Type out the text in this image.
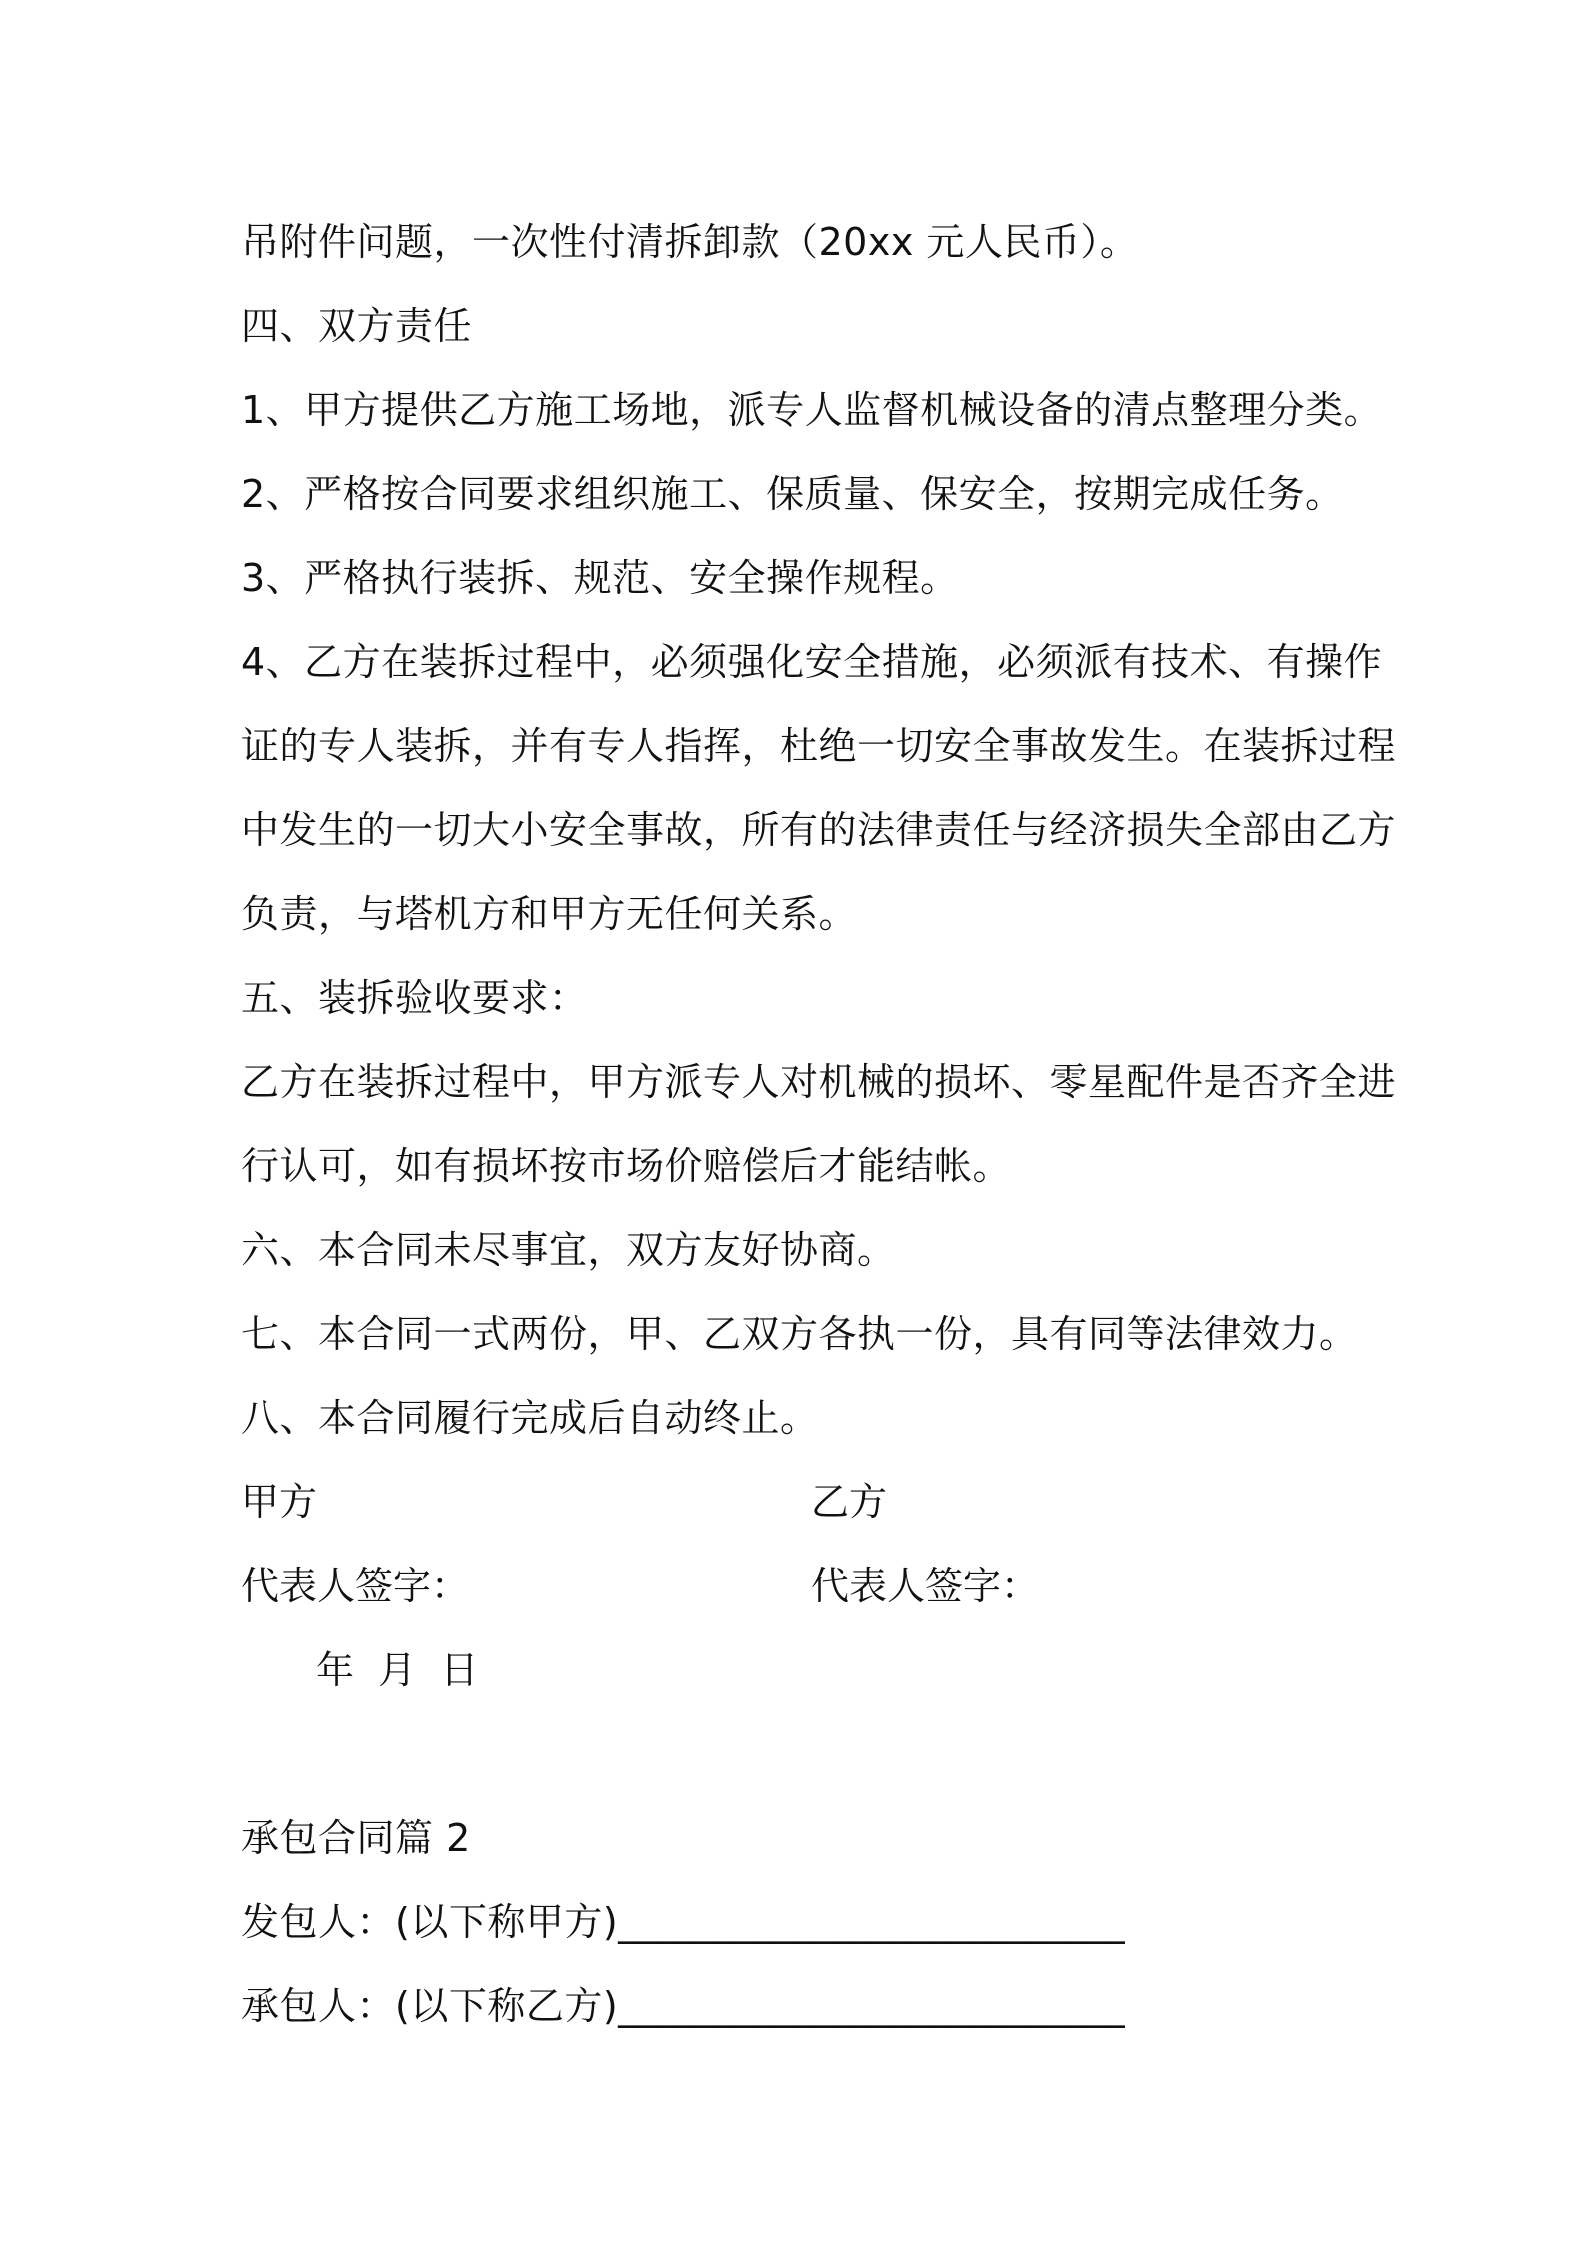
吊附件问题，一次性付清拆卸款（20xx 元人民币）。
四、双方责任
1、甲方提供乙方施工场地，派专人监督机械设备的清点整理分类。
2、严格按合同要求组织施工、保质量、保安全，按期完成任务。
3、严格执行装拆、规范、安全操作规程。
4、乙方在装拆过程中，必须强化安全措施，必须派有技术、有操作
证的专人装拆，并有专人指挥，杜绝一切安全事故发生。在装拆过程
中发生的一切大小安全事故，所有的法律责任与经济损失全部由乙方
负责，与塔机方和甲方无任何关系。
五、装拆验收要求：
乙方在装拆过程中，甲方派专人对机械的损坏、零星配件是否齐全进
行认可，如有损坏按市场价赔偿后才能结帐。
六、本合同未尽事宜，双方友好协商。
七、本合同一式两份，甲、乙双方各执一份，具有同等法律效力。
八、本合同履行完成后自动终止。
甲方	乙方
代表人签字：	代表人签字：
年  月  日
承包合同篇 2
发包人：(以下称甲方)__________________________
承包人：(以下称乙方)__________________________
